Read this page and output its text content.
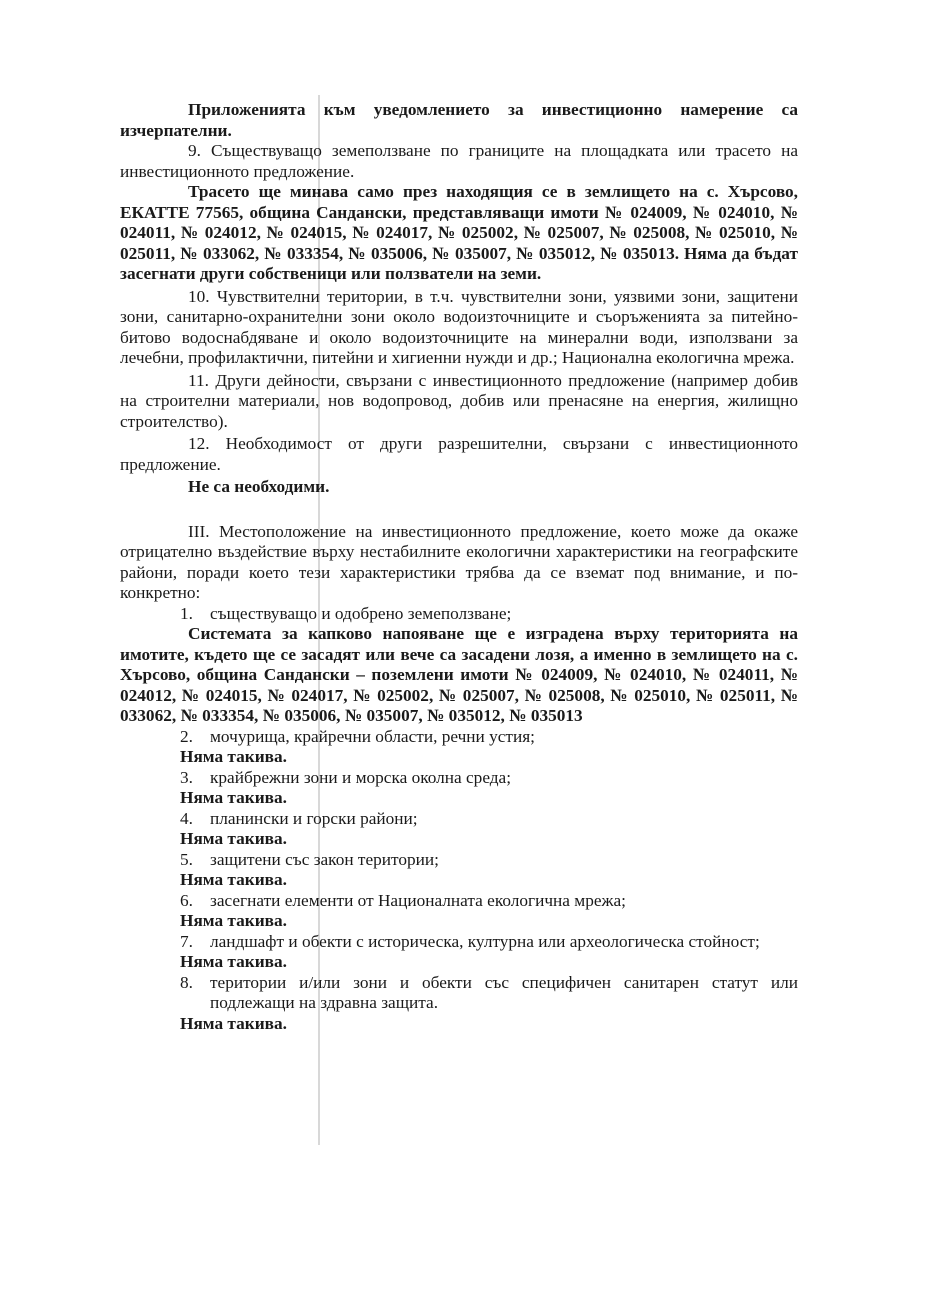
Приложенията към уведомлението за инвестиционно намерение са изчерпателни.

9. Съществуващо земеползване по границите на площадката или трасето на инвестиционното предложение.

Трасето ще минава само през находящия се в землището на с. Хърсово, ЕКАТТЕ 77565, община Сандански, представляващи имоти № 024009, № 024010, № 024011, № 024012, № 024015, № 024017, № 025002, № 025007, № 025008, № 025010, № 025011, № 033062, № 033354, № 035006, № 035007, № 035012, № 035013. Няма да бъдат засегнати други собственици или ползватели на земи.

10. Чувствителни територии, в т.ч. чувствителни зони, уязвими зони, защитени зони, санитарно-охранителни зони около водоизточниците и съоръженията за питейно-битово водоснабдяване и около водоизточниците на минерални води, използвани за лечебни, профилактични, питейни и хигиенни нужди и др.; Национална екологична мрежа.

11. Други дейности, свързани с инвестиционното предложение (например добив на строителни материали, нов водопровод, добив или пренасяне на енергия, жилищно строителство).

12. Необходимост от други разрешителни, свързани с инвестиционното предложение.

Не са необходими.

III. Местоположение на инвестиционното предложение, което може да окаже отрицателно въздействие върху нестабилните екологични характеристики на географските райони, поради което тези характеристики трябва да се вземат под внимание, и по-конкретно:

1. съществуващо и одобрено земеползване;

Системата за капково напояване ще е изградена върху територията на имотите, където ще се засадят или вече са засадени лозя, а именно в землището на с. Хърсово, община Сандански – поземлени имоти № 024009, № 024010, № 024011, № 024012, № 024015, № 024017, № 025002, № 025007, № 025008, № 025010, № 025011, № 033062, № 033354, № 035006, № 035007, № 035012, № 035013

2. мочурища, крайречни области, речни устия;
Няма такива.
3. крайбрежни зони и морска околна среда;
Няма такива.
4. планински и горски райони;
Няма такива.
5. защитени със закон територии;
Няма такива.
6. засегнати елементи от Националната екологична мрежа;
Няма такива.
7. ландшафт и обекти с историческа, културна или археологическа стойност;
Няма такива.
8. територии и/или зони и обекти със специфичен санитарен статут или подлежащи на здравна защита.
Няма такива.
